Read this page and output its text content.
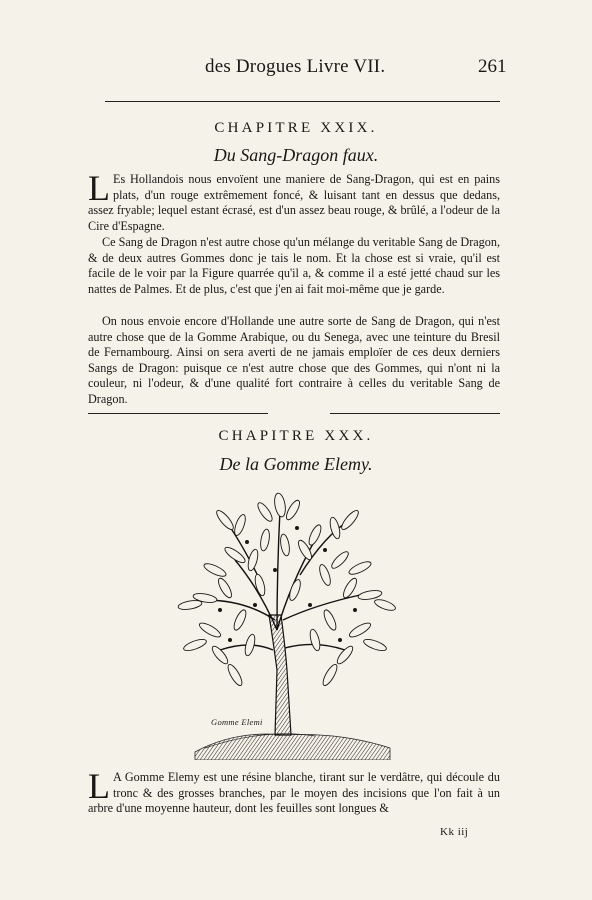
des Drogues Livre VII.	261
CHAPITRE XXIX.
Du Sang-Dragon faux.

L Es Hollandois nous envoïent une maniere de Sang-Dragon, qui est en pains plats, d'un rouge extrêmement foncé, & luisant tant en dessus que dedans, assez fryable; lequel estant écrasé, est d'un assez beau rouge, & brûlé, a l'odeur de la Cire d'Espagne.

Ce Sang de Dragon n'est autre chose qu'un mélange du veritable Sang de Dragon, & de deux autres Gommes donc je tais le nom. Et la chose est si vraie, qu'il est facile de le voir par la Figure quarrée qu'il a, & comme il a esté jetté chaud sur les nattes de Palmes. Et de plus, c'est que j'en ai fait moi-même que je garde.

On nous envoie encore d'Hollande une autre sorte de Sang de Dragon, qui n'est autre chose que de la Gomme Arabique, ou du Senega, avec une teinture du Bresil de Fernambourg. Ainsi on sera averti de ne jamais emploïer de ces deux derniers Sangs de Dragon: puisque ce n'est autre chose que des Gommes, qui n'ont ni la couleur, ni l'odeur, & d'une qualité fort contraire à celles du veritable Sang de Dragon.

CHAPITRE XXX.
De la Gomme Elemy.
Gomme Elemi

L A Gomme Elemy est une résine blanche, tirant sur le verdâtre, qui découle du tronc & des grosses branches, par le moyen des incisions que l'on fait à un arbre d'une moyenne hauteur, dont les feuilles sont longues &

Kk iij
